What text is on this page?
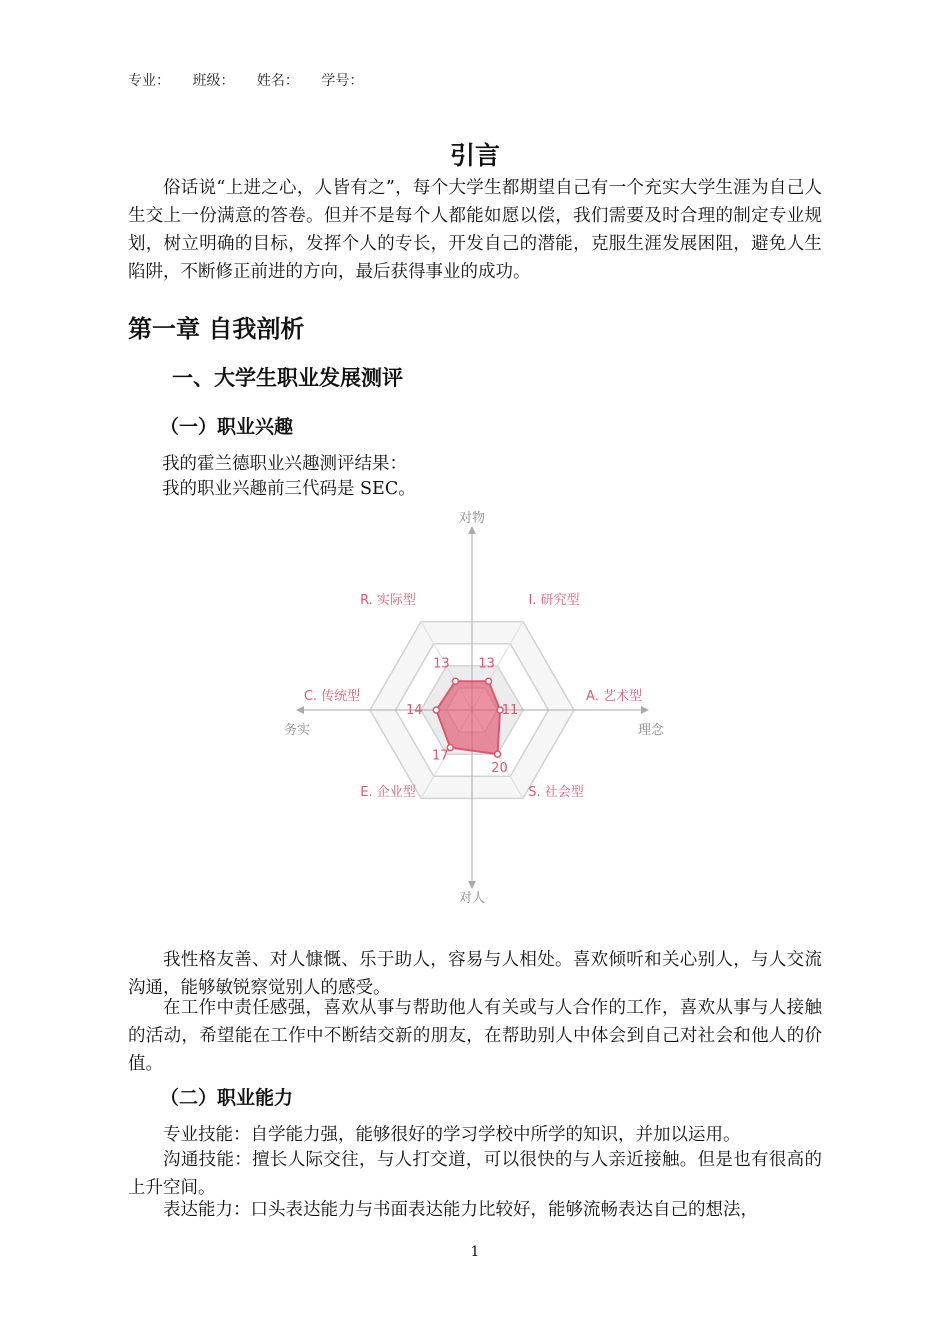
专业： 班级： 姓名： 学号：
引言
俗话说“上进之心，人皆有之”，每个大学生都期望自己有一个充实大学生涯为自己人生交上一份满意的答卷。但并不是每个人都能如愿以偿，我们需要及时合理的制定专业规划，树立明确的目标，发挥个人的专长，开发自己的潜能，克服生涯发展困阻，避免人生陷阱，不断修正前进的方向，最后获得事业的成功。
第一章 自我剖析
一、大学生职业发展测评
（一）职业兴趣
我的霍兰德职业兴趣测评结果：
我的职业兴趣前三代码是 SEC。
对物
对人
务实	理念
13 13
11
20
17
14
R. 实际型	I. 研究型
A. 艺术型
S. 社会型
E. 企业型
C. 传统型
我性格友善、对人慷慨、乐于助人，容易与人相处。喜欢倾听和关心别人，与人交流沟通，能够敏锐察觉别人的感受。
在工作中责任感强，喜欢从事与帮助他人有关或与人合作的工作，喜欢从事与人接触的活动，希望能在工作中不断结交新的朋友，在帮助别人中体会到自己对社会和他人的价值。
（二）职业能力
专业技能：自学能力强，能够很好的学习学校中所学的知识，并加以运用。
沟通技能：擅长人际交往，与人打交道，可以很快的与人亲近接触。但是也有很高的上升空间。
表达能力：口头表达能力与书面表达能力比较好，能够流畅表达自己的想法，
1
